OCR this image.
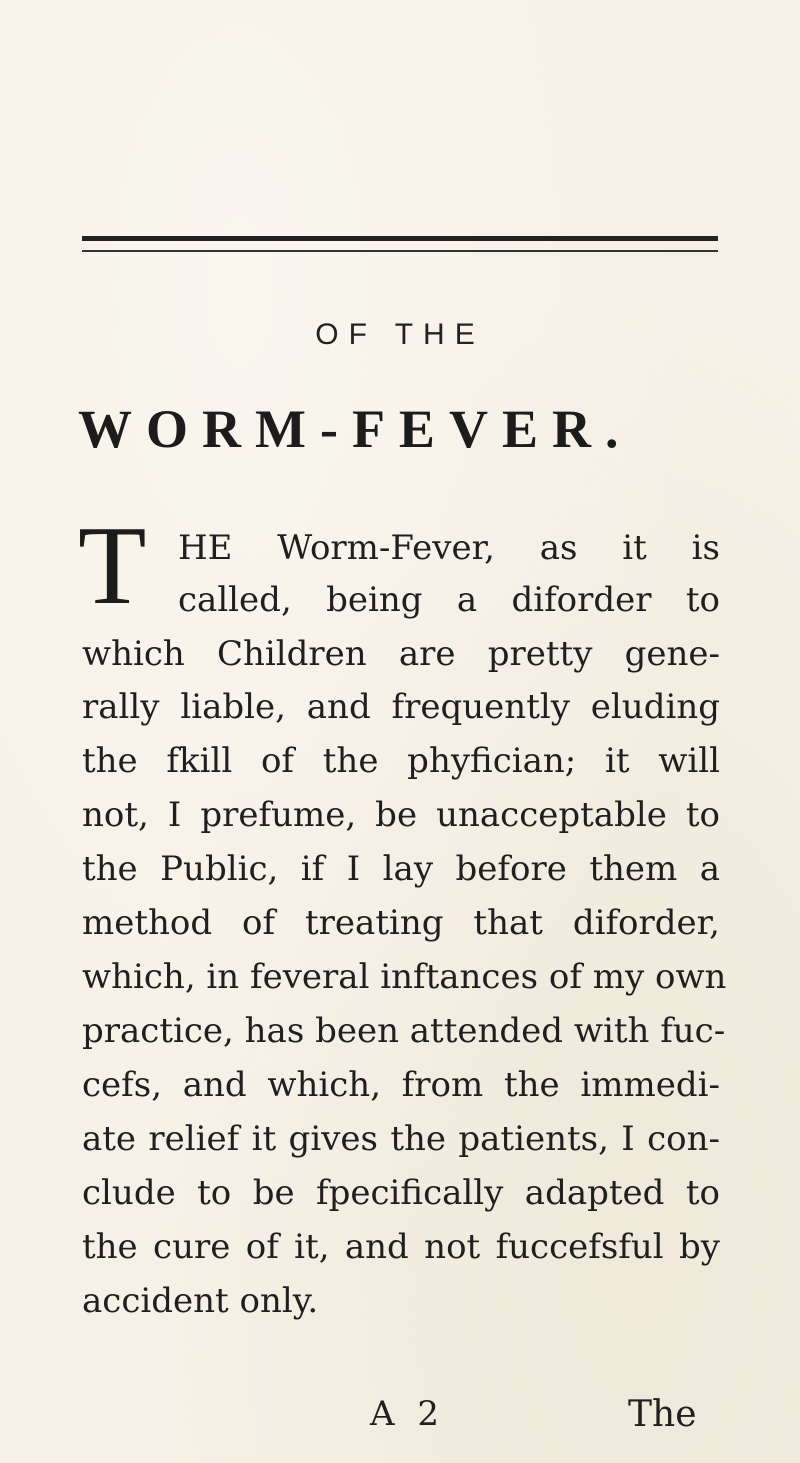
OF THE
WORM-FEVER.
T HE Worm-Fever, as it is
called, being a diforder to
which Children are pretty gene-
rally liable, and frequently eluding
the fkill of the phyfician; it will
not, I prefume, be unacceptable to
the Public, if I lay before them a
method of treating that diforder,
which, in feveral inftances of my own
practice, has been attended with fuc-
cefs, and which, from the immedi-
ate relief it gives the patients, I con-
clude to be fpecifically adapted to
the cure of it, and not fuccefsful by
accident only.
A 2	The
